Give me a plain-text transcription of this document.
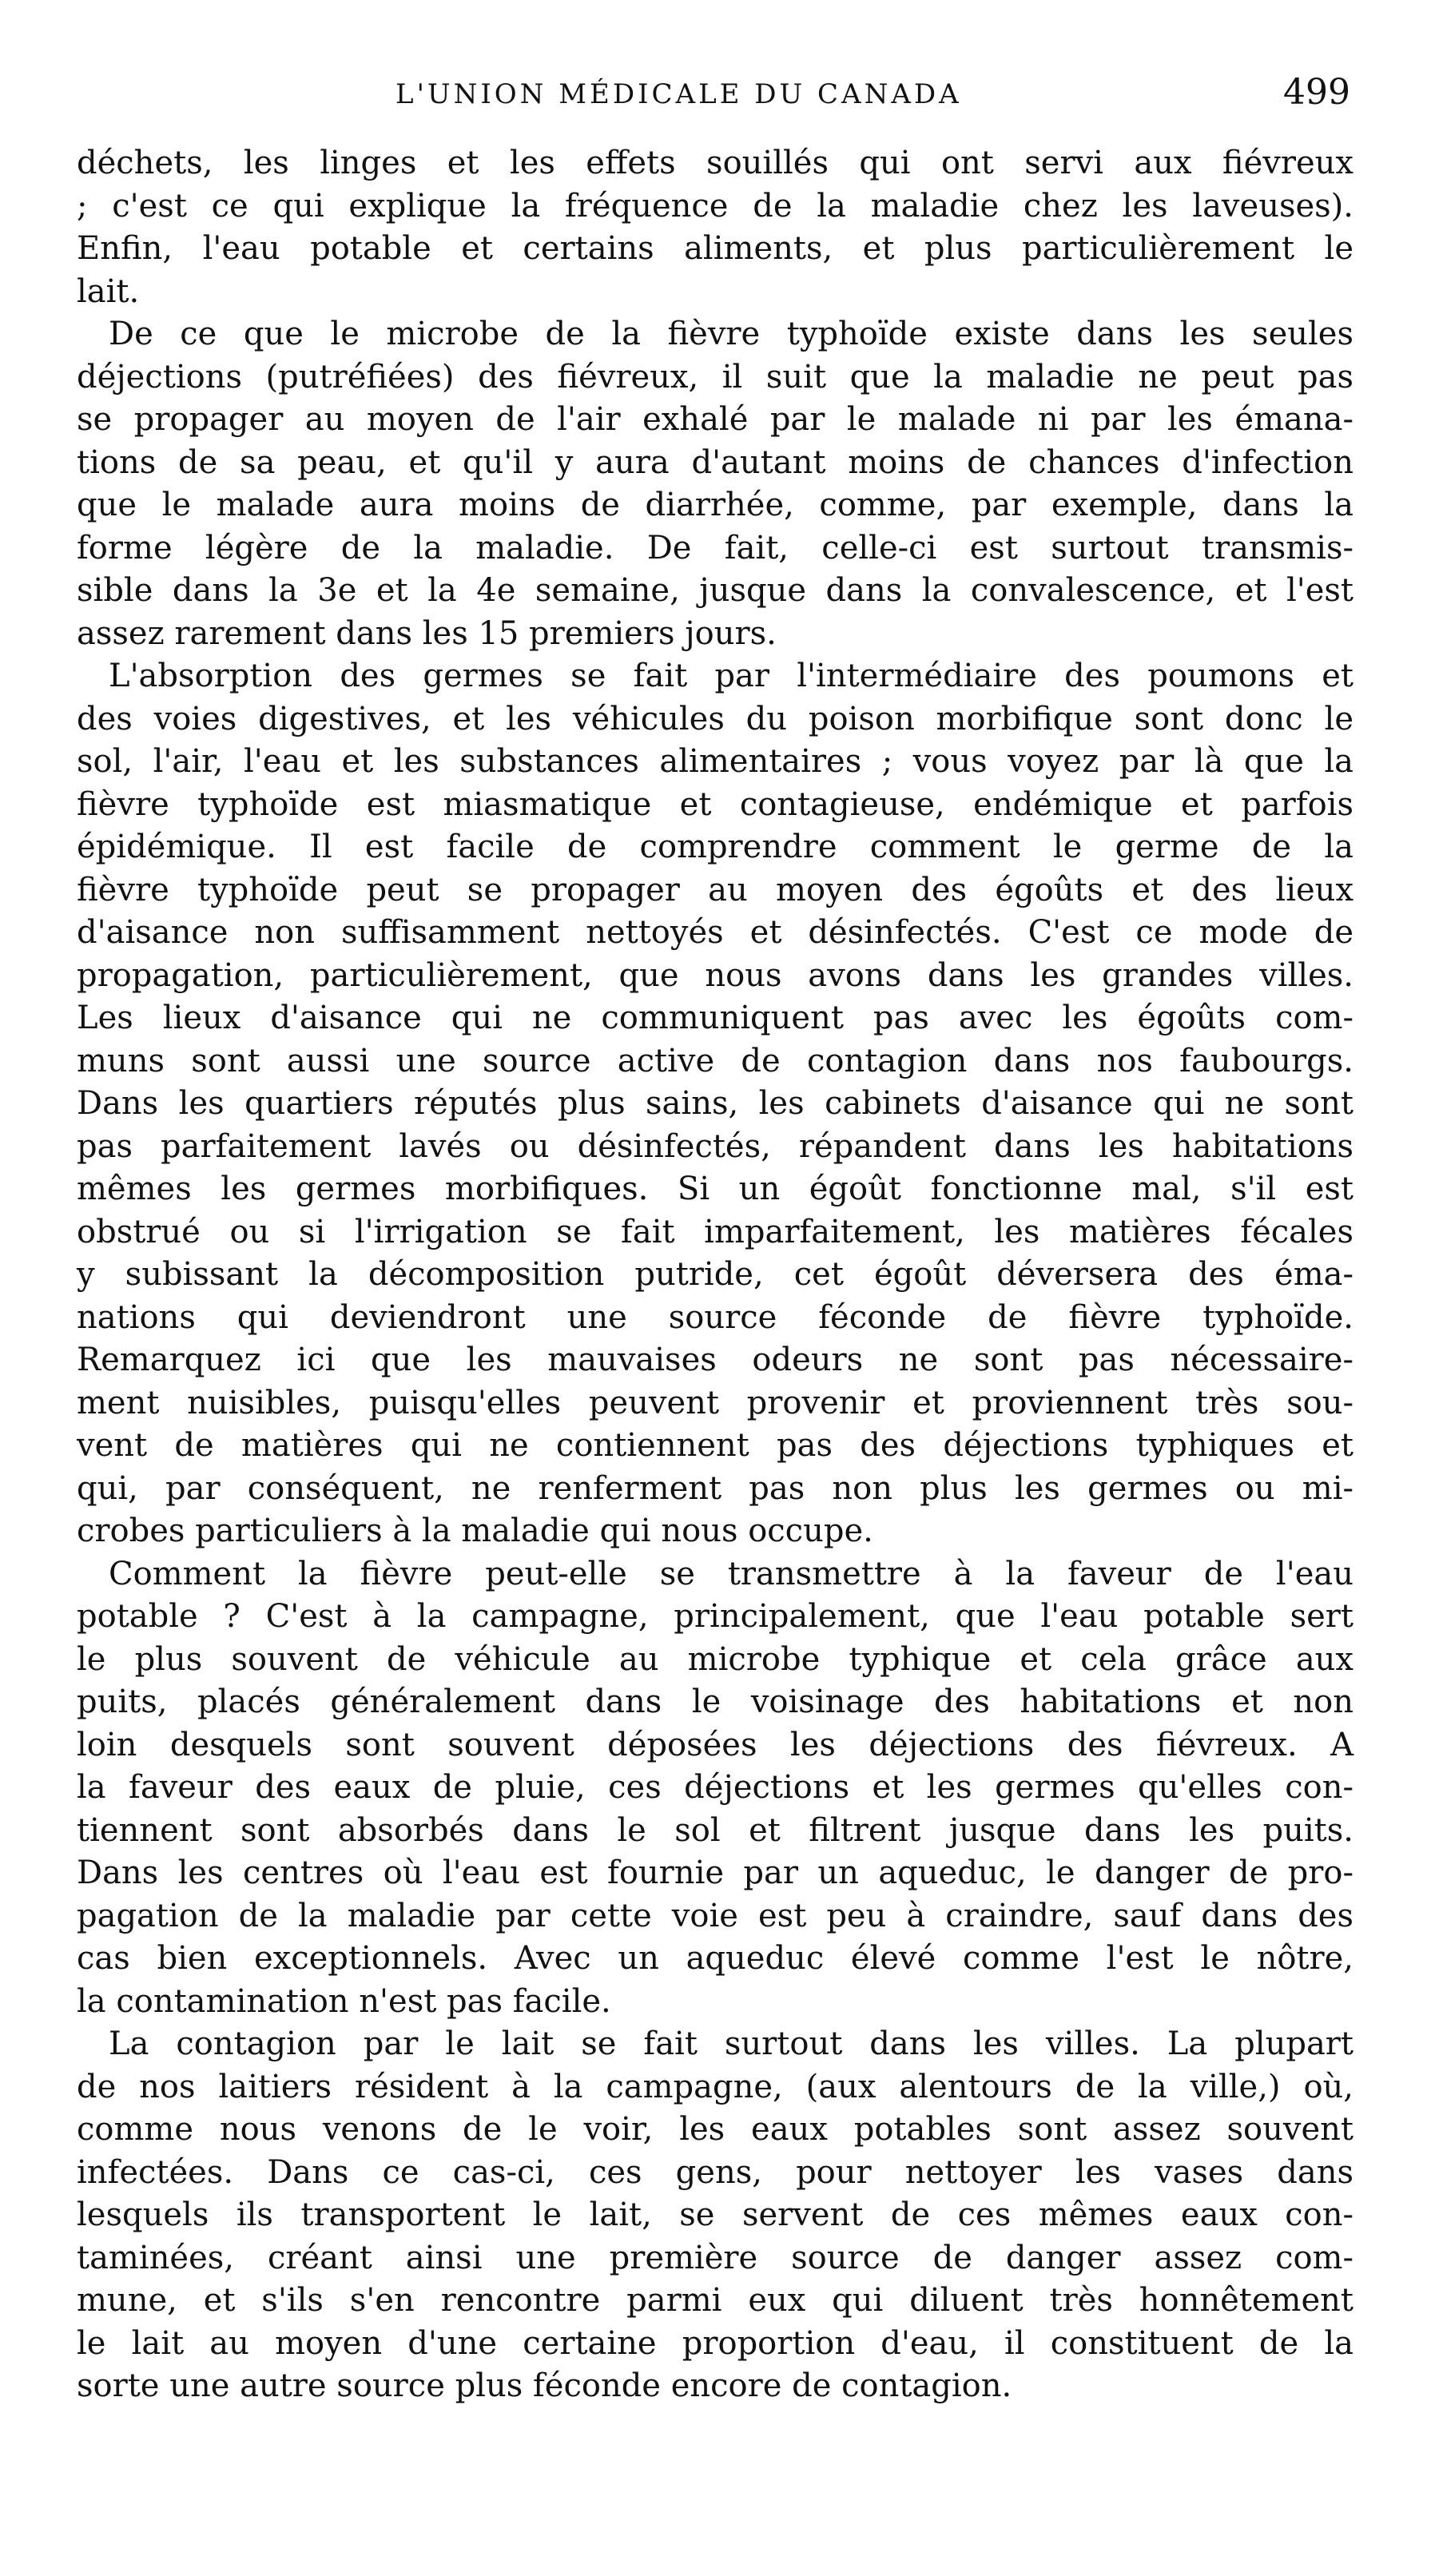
L'UNION MÉDICALE DU CANADA	499
déchets, les linges et les effets souillés qui ont servi aux fiévreux
; c'est ce qui explique la fréquence de la maladie chez les laveuses).
Enfin, l'eau potable et certains aliments, et plus particulièrement le
lait.
De ce que le microbe de la fièvre typhoïde existe dans les seules
déjections (putréfiées) des fiévreux, il suit que la maladie ne peut pas
se propager au moyen de l'air exhalé par le malade ni par les émana-
tions de sa peau, et qu'il y aura d'autant moins de chances d'infection
que le malade aura moins de diarrhée, comme, par exemple, dans la
forme légère de la maladie. De fait, celle-ci est surtout transmis-
sible dans la 3e et la 4e semaine, jusque dans la convalescence, et l'est
assez rarement dans les 15 premiers jours.
L'absorption des germes se fait par l'intermédiaire des poumons et
des voies digestives, et les véhicules du poison morbifique sont donc le
sol, l'air, l'eau et les substances alimentaires ; vous voyez par là que la
fièvre typhoïde est miasmatique et contagieuse, endémique et parfois
épidémique. Il est facile de comprendre comment le germe de la
fièvre typhoïde peut se propager au moyen des égoûts et des lieux
d'aisance non suffisamment nettoyés et désinfectés. C'est ce mode de
propagation, particulièrement, que nous avons dans les grandes villes.
Les lieux d'aisance qui ne communiquent pas avec les égoûts com-
muns sont aussi une source active de contagion dans nos faubourgs.
Dans les quartiers réputés plus sains, les cabinets d'aisance qui ne sont
pas parfaitement lavés ou désinfectés, répandent dans les habitations
mêmes les germes morbifiques. Si un égoût fonctionne mal, s'il est
obstrué ou si l'irrigation se fait imparfaitement, les matières fécales
y subissant la décomposition putride, cet égoût déversera des éma-
nations qui deviendront une source féconde de fièvre typhoïde.
Remarquez ici que les mauvaises odeurs ne sont pas nécessaire-
ment nuisibles, puisqu'elles peuvent provenir et proviennent très sou-
vent de matières qui ne contiennent pas des déjections typhiques et
qui, par conséquent, ne renferment pas non plus les germes ou mi-
crobes particuliers à la maladie qui nous occupe.
Comment la fièvre peut-elle se transmettre à la faveur de l'eau
potable ? C'est à la campagne, principalement, que l'eau potable sert
le plus souvent de véhicule au microbe typhique et cela grâce aux
puits, placés généralement dans le voisinage des habitations et non
loin desquels sont souvent déposées les déjections des fiévreux. A
la faveur des eaux de pluie, ces déjections et les germes qu'elles con-
tiennent sont absorbés dans le sol et filtrent jusque dans les puits.
Dans les centres où l'eau est fournie par un aqueduc, le danger de pro-
pagation de la maladie par cette voie est peu à craindre, sauf dans des
cas bien exceptionnels. Avec un aqueduc élevé comme l'est le nôtre,
la contamination n'est pas facile.
La contagion par le lait se fait surtout dans les villes. La plupart
de nos laitiers résident à la campagne, (aux alentours de la ville,) où,
comme nous venons de le voir, les eaux potables sont assez souvent
infectées. Dans ce cas-ci, ces gens, pour nettoyer les vases dans
lesquels ils transportent le lait, se servent de ces mêmes eaux con-
taminées, créant ainsi une première source de danger assez com-
mune, et s'ils s'en rencontre parmi eux qui diluent très honnêtement
le lait au moyen d'une certaine proportion d'eau, il constituent de la
sorte une autre source plus féconde encore de contagion.
